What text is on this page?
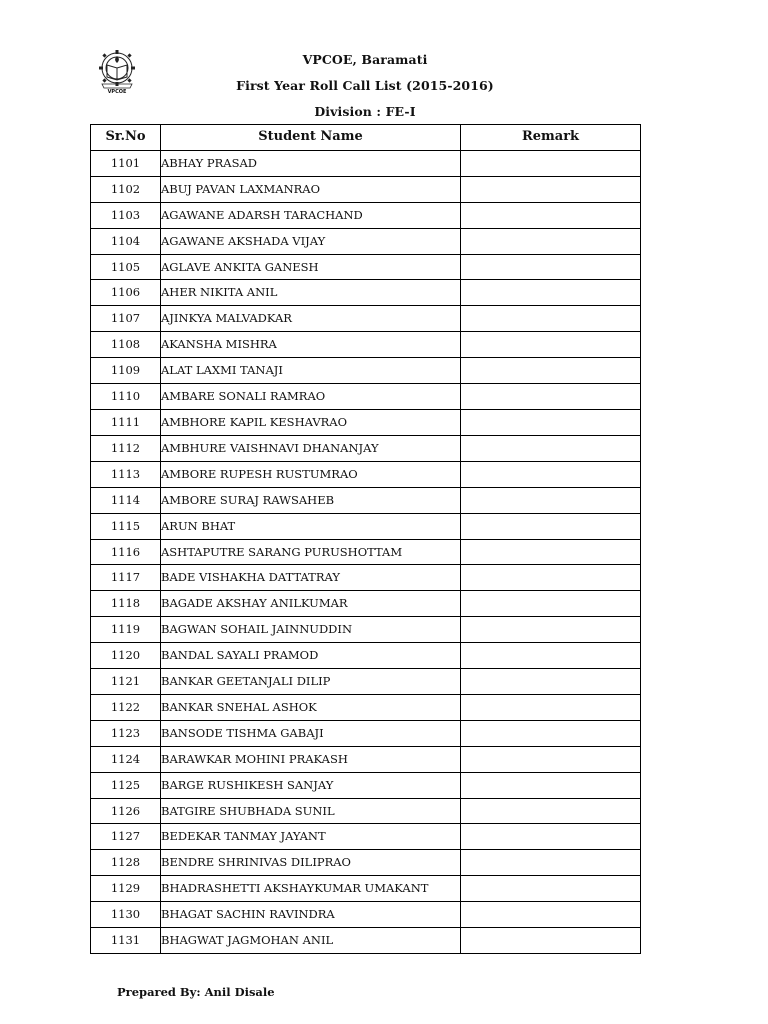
VPCOE
VPCOE, Baramati
First Year Roll Call List (2015-2016)
Division : FE-I
Sr.No	Student Name	Remark
1101	ABHAY PRASAD	
1102	ABUJ PAVAN LAXMANRAO	
1103	AGAWANE ADARSH TARACHAND	
1104	AGAWANE AKSHADA VIJAY	
1105	AGLAVE ANKITA GANESH	
1106	AHER NIKITA ANIL	
1107	AJINKYA MALVADKAR	
1108	AKANSHA MISHRA	
1109	ALAT LAXMI TANAJI	
1110	AMBARE SONALI RAMRAO	
1111	AMBHORE KAPIL KESHAVRAO	
1112	AMBHURE VAISHNAVI DHANANJAY	
1113	AMBORE RUPESH RUSTUMRAO	
1114	AMBORE SURAJ RAWSAHEB	
1115	ARUN BHAT	
1116	ASHTAPUTRE SARANG PURUSHOTTAM	
1117	BADE VISHAKHA DATTATRAY	
1118	BAGADE AKSHAY ANILKUMAR	
1119	BAGWAN SOHAIL JAINNUDDIN	
1120	BANDAL SAYALI PRAMOD	
1121	BANKAR GEETANJALI DILIP	
1122	BANKAR SNEHAL ASHOK	
1123	BANSODE TISHMA GABAJI	
1124	BARAWKAR MOHINI PRAKASH	
1125	BARGE RUSHIKESH SANJAY	
1126	BATGIRE SHUBHADA SUNIL	
1127	BEDEKAR TANMAY JAYANT	
1128	BENDRE SHRINIVAS DILIPRAO	
1129	BHADRASHETTI AKSHAYKUMAR UMAKANT	
1130	BHAGAT SACHIN RAVINDRA	
1131	BHAGWAT JAGMOHAN ANIL	
Prepared By: Anil Disale
